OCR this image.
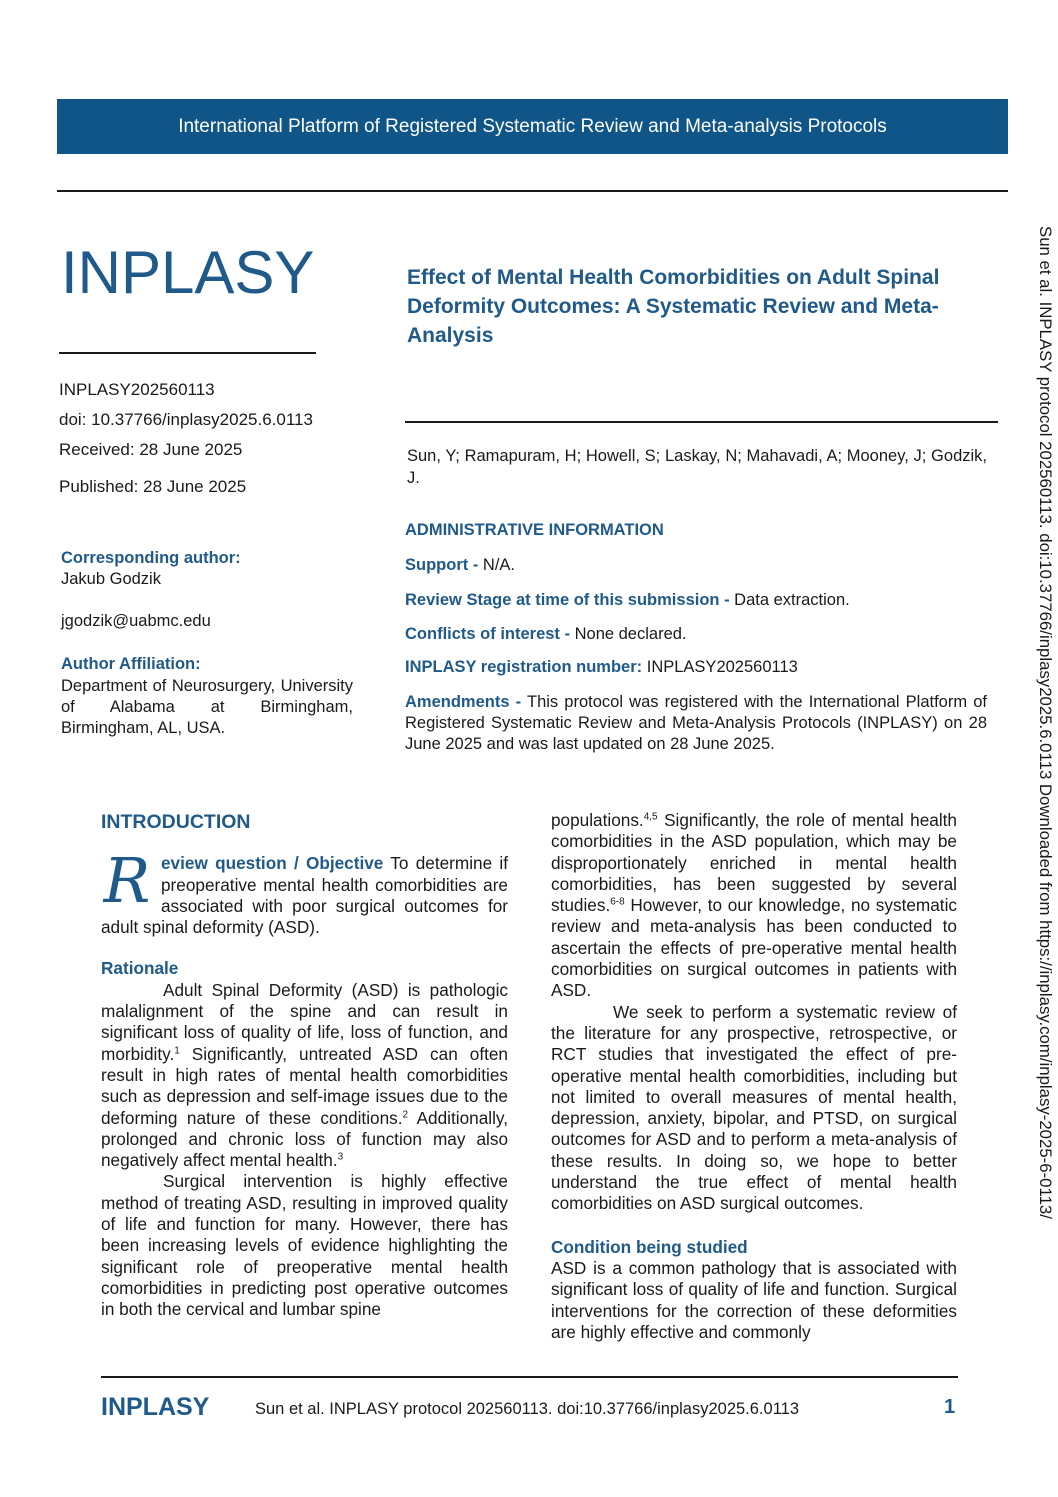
International Platform of Registered Systematic Review and Meta-analysis Protocols
INPLASY
INPLASY202560113
doi: 10.37766/inplasy2025.6.0113
Received: 28 June 2025
Published: 28 June 2025
Corresponding author:
Jakub Godzik
jgodzik@uabmc.edu
Author Affiliation:
Department of Neurosurgery, University of Alabama at Birmingham, Birmingham, AL, USA.
Effect of Mental Health Comorbidities on Adult Spinal Deformity Outcomes: A Systematic Review and Meta-Analysis
Sun, Y; Ramapuram, H; Howell, S; Laskay, N; Mahavadi, A; Mooney, J; Godzik, J.
ADMINISTRATIVE INFORMATION
Support - N/A.
Review Stage at time of this submission - Data extraction.
Conflicts of interest - None declared.
INPLASY registration number: INPLASY202560113
Amendments - This protocol was registered with the International Platform of Registered Systematic Review and Meta-Analysis Protocols (INPLASY) on 28 June 2025 and was last updated on 28 June 2025.
INTRODUCTION

Review question / Objective To determine if preoperative mental health comorbidities are associated with poor surgical outcomes for adult spinal deformity (ASD).

Rationale

Adult Spinal Deformity (ASD) is pathologic malalignment of the spine and can result in significant loss of quality of life, loss of function, and morbidity.$^1$ Significantly, untreated ASD can often result in high rates of mental health comorbidities such as depression and self-image issues due to the deforming nature of these conditions.$^2$ Additionally, prolonged and chronic loss of function may also negatively affect mental health.$^3$

Surgical intervention is highly effective method of treating ASD, resulting in improved quality of life and function for many. However, there has been increasing levels of evidence highlighting the significant role of preoperative mental health comorbidities in predicting post operative outcomes in both the cervical and lumbar spine

populations.$^{4,5}$ Significantly, the role of mental health comorbidities in the ASD population, which may be disproportionately enriched in mental health comorbidities, has been suggested by several studies.$^{6-8}$ However, to our knowledge, no systematic review and meta-analysis has been conducted to ascertain the effects of pre-operative mental health comorbidities on surgical outcomes in patients with ASD.

We seek to perform a systematic review of the literature for any prospective, retrospective, or RCT studies that investigated the effect of pre-operative mental health comorbidities, including but not limited to overall measures of mental health, depression, anxiety, bipolar, and PTSD, on surgical outcomes for ASD and to perform a meta-analysis of these results. In doing so, we hope to better understand the true effect of mental health comorbidities on ASD surgical outcomes.

Condition being studied

ASD is a common pathology that is associated with significant loss of quality of life and function. Surgical interventions for the correction of these deformities are highly effective and commonly

Sun et al. INPLASY protocol 202560113. doi:10.37766/inplasy2025.6.0113 Downloaded from https://inplasy.com/inplasy-2025-6-0113/
INPLASY	Sun et al. INPLASY protocol 202560113. doi:10.37766/inplasy2025.6.0113	1
